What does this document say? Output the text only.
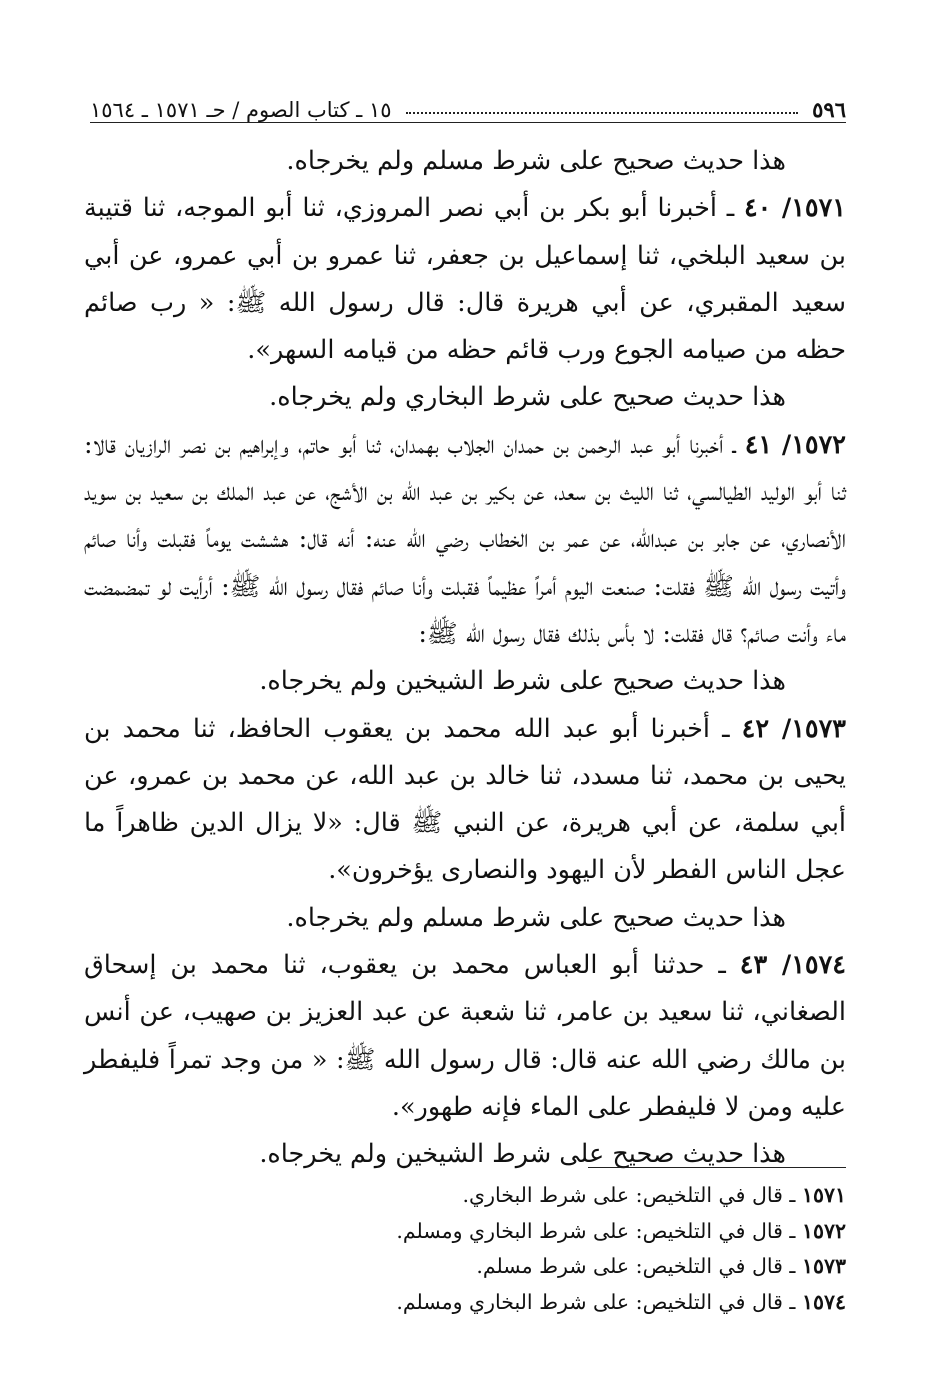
٥٩٦
١٥ ـ كتاب الصوم / حـ ١٥٧١ ـ ١٥٦٤

هذا حديث صحيح على شرط مسلم ولم يخرجاه.

١٥٧١/ ٤٠ ـ أخبرنا أبو بكر بن أبي نصر المروزي، ثنا أبو الموجه، ثنا قتيبة بن سعيد البلخي، ثنا إسماعيل بن جعفر، ثنا عمرو بن أبي عمرو، عن أبي سعيد المقبري، عن أبي هريرة قال: قال رسول الله ﷺ: « رب صائم حظه من صيامه الجوع ورب قائم حظه من قيامه السهر».

هذا حديث صحيح على شرط البخاري ولم يخرجاه.

١٥٧٢/ ٤١ ـ أخبرنا أبو عبد الرحمن بن حمدان الجلاب بهمدان، ثنا أبو حاتم، وإبراهيم بن نصر الرازيان قالا: ثنا أبو الوليد الطيالسي، ثنا الليث بن سعد، عن بكير بن عبد الله بن الأشج، عن عبد الملك بن سعيد بن سويد الأنصاري، عن جابر بن عبدالله، عن عمر بن الخطاب رضي الله عنه: أنه قال: هششت يوماً فقبلت وأنا صائم وأتيت رسول الله ﷺ فقلت: صنعت اليوم أمراً عظيماً فقبلت وأنا صائم فقال رسول الله ﷺ: أرأيت لو تمضمضت ماء وأنت صائم؟ قال فقلت: لا بأس بذلك فقال رسول الله ﷺ:

هذا حديث صحيح على شرط الشيخين ولم يخرجاه.

١٥٧٣/ ٤٢ ـ أخبرنا أبو عبد الله محمد بن يعقوب الحافظ، ثنا محمد بن يحيى بن محمد، ثنا مسدد، ثنا خالد بن عبد الله، عن محمد بن عمرو، عن أبي سلمة، عن أبي هريرة، عن النبي ﷺ قال: «لا يزال الدين ظاهراً ما عجل الناس الفطر لأن اليهود والنصارى يؤخرون».

هذا حديث صحيح على شرط مسلم ولم يخرجاه.

١٥٧٤/ ٤٣ ـ حدثنا أبو العباس محمد بن يعقوب، ثنا محمد بن إسحاق الصغاني، ثنا سعيد بن عامر، ثنا شعبة عن عبد العزيز بن صهيب، عن أنس بن مالك رضي الله عنه قال: قال رسول الله ﷺ: « من وجد تمراً فليفطر عليه ومن لا فليفطر على الماء فإنه طهور».

هذا حديث صحيح على شرط الشيخين ولم يخرجاه.

١٥٧١ ـ قال في التلخيص: على شرط البخاري.
١٥٧٢ ـ قال في التلخيص: على شرط البخاري ومسلم.
١٥٧٣ ـ قال في التلخيص: على شرط مسلم.
١٥٧٤ ـ قال في التلخيص: على شرط البخاري ومسلم.
